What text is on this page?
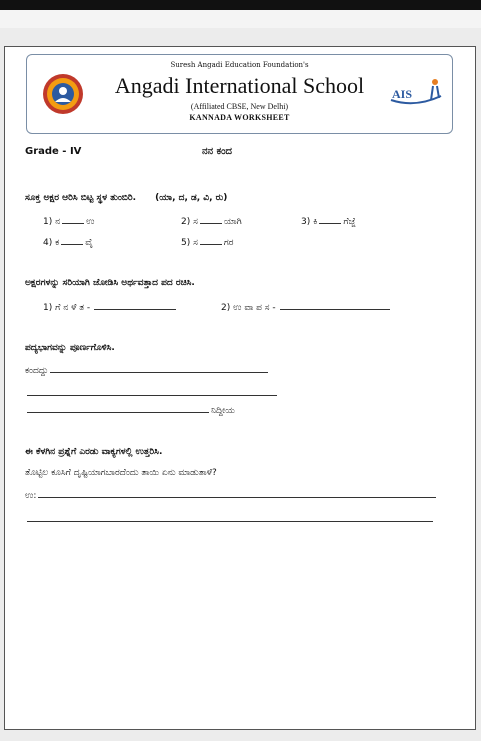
Suresh Angadi Education Foundation's
Angadi International School
(Affiliated CBSE, New Delhi)
KANNADA WORKSHEET
AIS
Grade - IV	ನನ ಕಂದ
ಸೂಕ್ತ ಅಕ್ಷರ ಆರಿಸಿ ಬಿಟ್ಟ ಸ್ಥಳ ತುಂಬಿರಿ. (ಯಾ, ದ, ಡ, ವಿ, ರು)
1) ನ	ಉ	2) ಸ	ಯಾಗಿ	3) ಕಿ	ಗೆಜ್ಜೆ
4) ಕ	ವೈ	5) ಸ	ಗರ
ಅಕ್ಷರಗಳನ್ನು ಸರಿಯಾಗಿ ಜೋಡಿಸಿ ಅರ್ಥವತ್ತಾದ ಪದ ರಚಿಸಿ.
1) ಗೆ ನ ಳೆ ತ -	2) ಉ ವಾ ಪ ಸ -
ಪದ್ಯಭಾಗವನ್ನು ಪೂರ್ಣಗೊಳಿಸಿ.
ಕಂದದ್ದು
ನಿದ್ದೀಯ
ಈ ಕೆಳಗಿನ ಪ್ರಶ್ನೆಗೆ ಎರಡು ವಾಕ್ಯಗಳಲ್ಲಿ ಉತ್ತರಿಸಿ.
ತೊಟ್ಟಿಲ ಕೂಸಿಗೆ ದೃಷ್ಟಿಯಾಗಬಾರದೆಂದು ತಾಯಿ ಏನು ಮಾಡುತಾಳೆ?
ಉ:
